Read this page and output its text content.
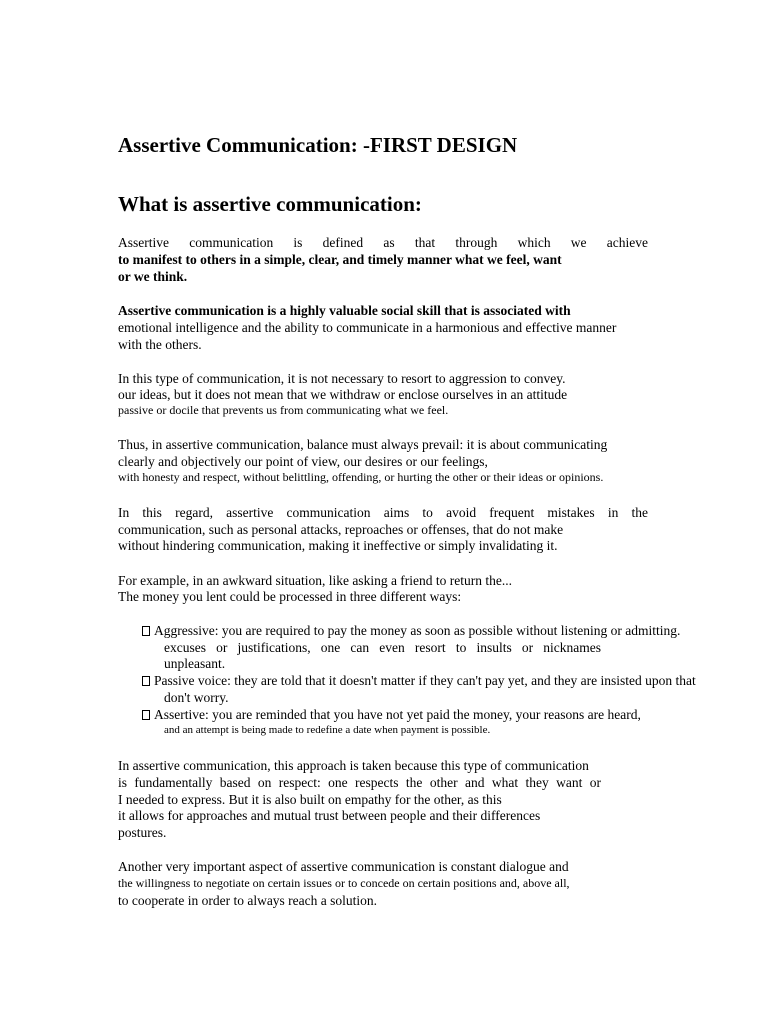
Assertive Communication: -FIRST DESIGN
What is assertive communication:
Assertive communication is defined as that through which we achieve
to manifest to others in a simple, clear, and timely manner what we feel, want
or we think.
Assertive communication is a highly valuable social skill that is associated with
emotional intelligence and the ability to communicate in a harmonious and effective manner
with the others.
In this type of communication, it is not necessary to resort to aggression to convey.
our ideas, but it does not mean that we withdraw or enclose ourselves in an attitude
passive or docile that prevents us from communicating what we feel.
Thus, in assertive communication, balance must always prevail: it is about communicating
clearly and objectively our point of view, our desires or our feelings,
with honesty and respect, without belittling, offending, or hurting the other or their ideas or opinions.
In this regard, assertive communication aims to avoid frequent mistakes in the
communication, such as personal attacks, reproaches or offenses, that do not make
without hindering communication, making it ineffective or simply invalidating it.
For example, in an awkward situation, like asking a friend to return the...
The money you lent could be processed in three different ways:
Aggressive: you are required to pay the money as soon as possible without listening or admitting.
excuses or justifications, one can even resort to insults or nicknames
unpleasant.
Passive voice: they are told that it doesn't matter if they can't pay yet, and they are insisted upon that
don't worry.
Assertive: you are reminded that you have not yet paid the money, your reasons are heard,
and an attempt is being made to redefine a date when payment is possible.
In assertive communication, this approach is taken because this type of communication
is fundamentally based on respect: one respects the other and what they want or
I needed to express. But it is also built on empathy for the other, as this
it allows for approaches and mutual trust between people and their differences
postures.
Another very important aspect of assertive communication is constant dialogue and
the willingness to negotiate on certain issues or to concede on certain positions and, above all,
to cooperate in order to always reach a solution.
